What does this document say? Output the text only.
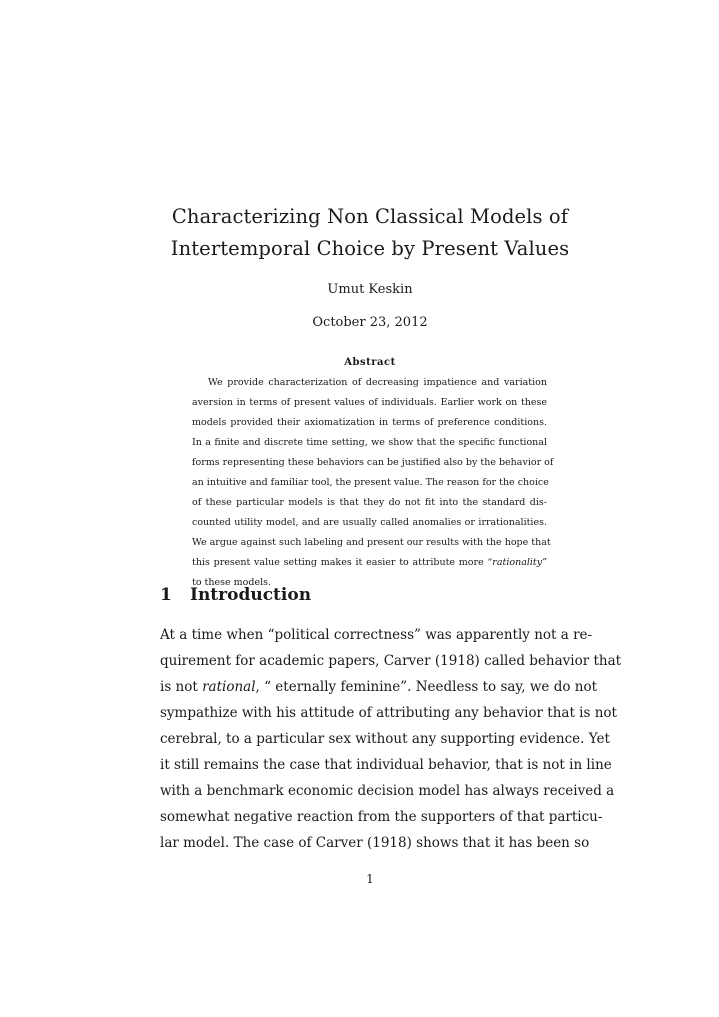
Characterizing Non Classical Models of
Intertemporal Choice by Present Values
Umut Keskin
October 23, 2012
Abstract
We provide characterization of decreasing impatience and variation
aversion in terms of present values of individuals. Earlier work on these
models provided their axiomatization in terms of preference conditions.
In a finite and discrete time setting, we show that the specific functional
forms representing these behaviors can be justified also by the behavior of
an intuitive and familiar tool, the present value. The reason for the choice
of these particular models is that they do not fit into the standard dis-
counted utility model, and are usually called anomalies or irrationalities.
We argue against such labeling and present our results with the hope that
this present value setting makes it easier to attribute more “rationality”
to these models.
1 Introduction
At a time when “political correctness” was apparently not a re-
quirement for academic papers, Carver (1918) called behavior that
is not rational, “ eternally feminine”. Needless to say, we do not
sympathize with his attitude of attributing any behavior that is not
cerebral, to a particular sex without any supporting evidence. Yet
it still remains the case that individual behavior, that is not in line
with a benchmark economic decision model has always received a
somewhat negative reaction from the supporters of that particu-
lar model. The case of Carver (1918) shows that it has been so
1
